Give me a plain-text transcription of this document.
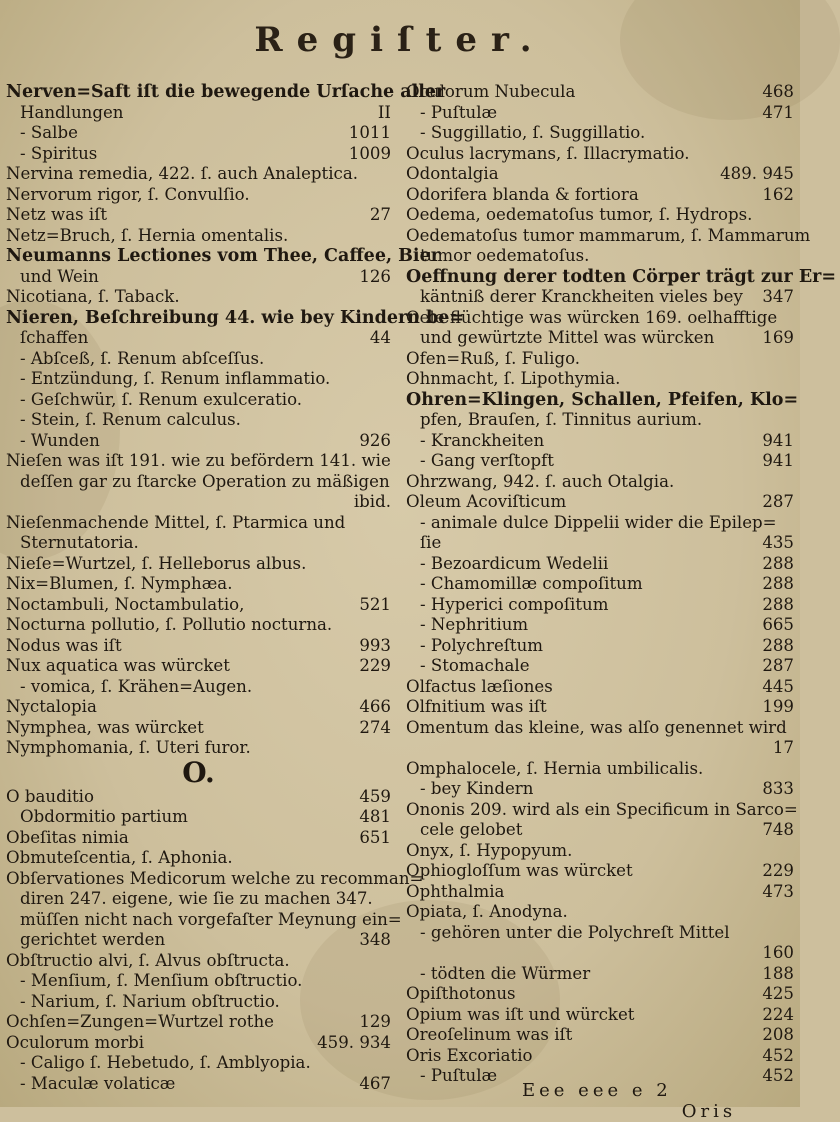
Regiſter.
Nerven=Saft iſt die bewegende Urſache aller
Handlungen	II
- Salbe	1011
- Spiritus	1009
Nervina remedia, 422. ſ. auch Analeptica.
Nervorum rigor, ſ. Convulſio.
Netz was iſt	27
Netz=Bruch, ſ. Hernia omentalis.
Neumanns Lectiones vom Thee, Caffee, Bier
und Wein	126
Nicotiana, ſ. Taback.
Nieren, Beſchreibung 44. wie bey Kindern be=
ſchaffen	44
- Abſceß, ſ. Renum abſceſſus.
- Entzündung, ſ. Renum inflammatio.
- Geſchwür, ſ. Renum exulceratio.
- Stein, ſ. Renum calculus.
- Wunden	926
Nieſen was iſt 191. wie zu befördern 141. wie
deſſen gar zu ſtarcke Operation zu mäßigen
ibid.
Nieſenmachende Mittel, ſ. Ptarmica und
Sternutatoria.
Nieſe=Wurtzel, ſ. Helleborus albus.
Nix=Blumen, ſ. Nymphæa.
Noctambuli, Noctambulatio,	521
Nocturna pollutio, ſ. Pollutio nocturna.
Nodus was iſt	993
Nux aquatica was würcket	229
- vomica, ſ. Krähen=Augen.
Nyctalopia	466
Nymphea, was würcket	274
Nymphomania, ſ. Uteri furor.
O.
O bauditio	459
Obdormitio partium	481
Obeſitas nimia	651
Obmuteſcentia, ſ. Aphonia.
Obſervationes Medicorum welche zu recomman=
diren 247. eigene, wie ſie zu machen 347.
müſſen nicht nach vorgefaſter Meynung ein=
gerichtet werden	348
Obſtructio alvi, ſ. Alvus obſtructa.
- Menſium, ſ. Menſium obſtructio.
- Narium, ſ. Narium obſtructio.
Ochſen=Zungen=Wurtzel rothe	129
Oculorum morbi	459. 934
- Caligo ſ. Hebetudo, ſ. Amblyopia.
- Maculæ volaticæ	467
Oculorum Nubecula	468
- Puſtulæ	471
- Suggillatio, ſ. Suggillatio.
Oculus lacrymans, ſ. Illacrymatio.
Odontalgia	489. 945
Odorifera blanda & fortiora	162
Oedema, oedematoſus tumor, ſ. Hydrops.
Oedematoſus tumor mammarum, ſ. Mammarum
tumor oedematoſus.
Oeffnung derer todten Cörper trägt zur Er=
käntniß derer Kranckheiten vieles bey	347
Oele flüchtige was würcken 169. oelhafftige
und gewürtzte Mittel was würcken	169
Ofen=Ruß, ſ. Fuligo.
Ohnmacht, ſ. Lipothymia.
Ohren=Klingen, Schallen, Pfeifen, Klo=
pfen, Brauſen, ſ. Tinnitus aurium.
- Kranckheiten	941
- Gang verſtopft	941
Ohrzwang, 942. ſ. auch Otalgia.
Oleum Acoviſticum	287
- animale dulce Dippelii wider die Epilep=
ſie	435
- Bezoardicum Wedelii	288
- Chamomillæ compoſitum	288
- Hyperici compoſitum	288
- Nephritium	665
- Polychreſtum	288
- Stomachale	287
Olfactus læſiones	445
Olfnitium was iſt	199
Omentum das kleine, was alſo genennet wird
17
Omphalocele, ſ. Hernia umbilicalis.
- bey Kindern	833
Ononis 209. wird als ein Specificum in Sarco=
cele gelobet	748
Onyx, ſ. Hypopyum.
Ophiogloſſum was würcket	229
Ophthalmia	473
Opiata, ſ. Anodyna.
- gehören unter die Polychreſt Mittel
160
- tödten die Würmer	188
Opiſthotonus	425
Opium was iſt und würcket	224
Oreoſelinum was iſt	208
Oris Excoriatio	452
- Puſtulæ	452
Eee eee e 2  Oris
